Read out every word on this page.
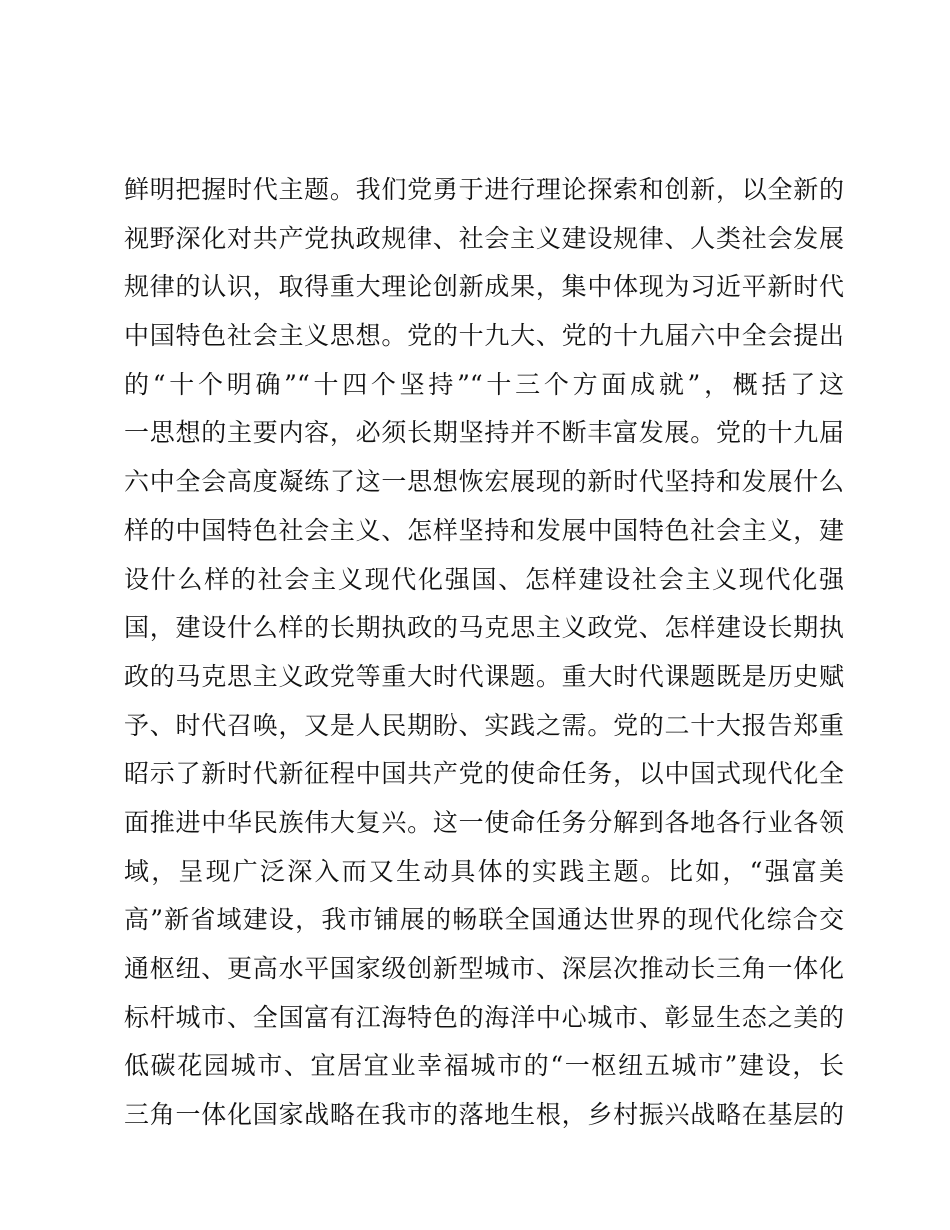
鲜明把握时代主题。我们党勇于进行理论探索和创新，以全新的
视野深化对共产党执政规律、社会主义建设规律、人类社会发展
规律的认识，取得重大理论创新成果，集中体现为习近平新时代
中国特色社会主义思想。党的十九大、党的十九届六中全会提出
的“十个明确”“十四个坚持”“十三个方面成就”，概括了这
一思想的主要内容，必须长期坚持并不断丰富发展。党的十九届
六中全会高度凝练了这一思想恢宏展现的新时代坚持和发展什么
样的中国特色社会主义、怎样坚持和发展中国特色社会主义，建
设什么样的社会主义现代化强国、怎样建设社会主义现代化强
国，建设什么样的长期执政的马克思主义政党、怎样建设长期执
政的马克思主义政党等重大时代课题。重大时代课题既是历史赋
予、时代召唤，又是人民期盼、实践之需。党的二十大报告郑重
昭示了新时代新征程中国共产党的使命任务，以中国式现代化全
面推进中华民族伟大复兴。这一使命任务分解到各地各行业各领
域，呈现广泛深入而又生动具体的实践主题。比如，“强富美
高”新省域建设，我市铺展的畅联全国通达世界的现代化综合交
通枢纽、更高水平国家级创新型城市、深层次推动长三角一体化
标杆城市、全国富有江海特色的海洋中心城市、彰显生态之美的
低碳花园城市、宜居宜业幸福城市的“一枢纽五城市”建设，长
三角一体化国家战略在我市的落地生根，乡村振兴战略在基层的
